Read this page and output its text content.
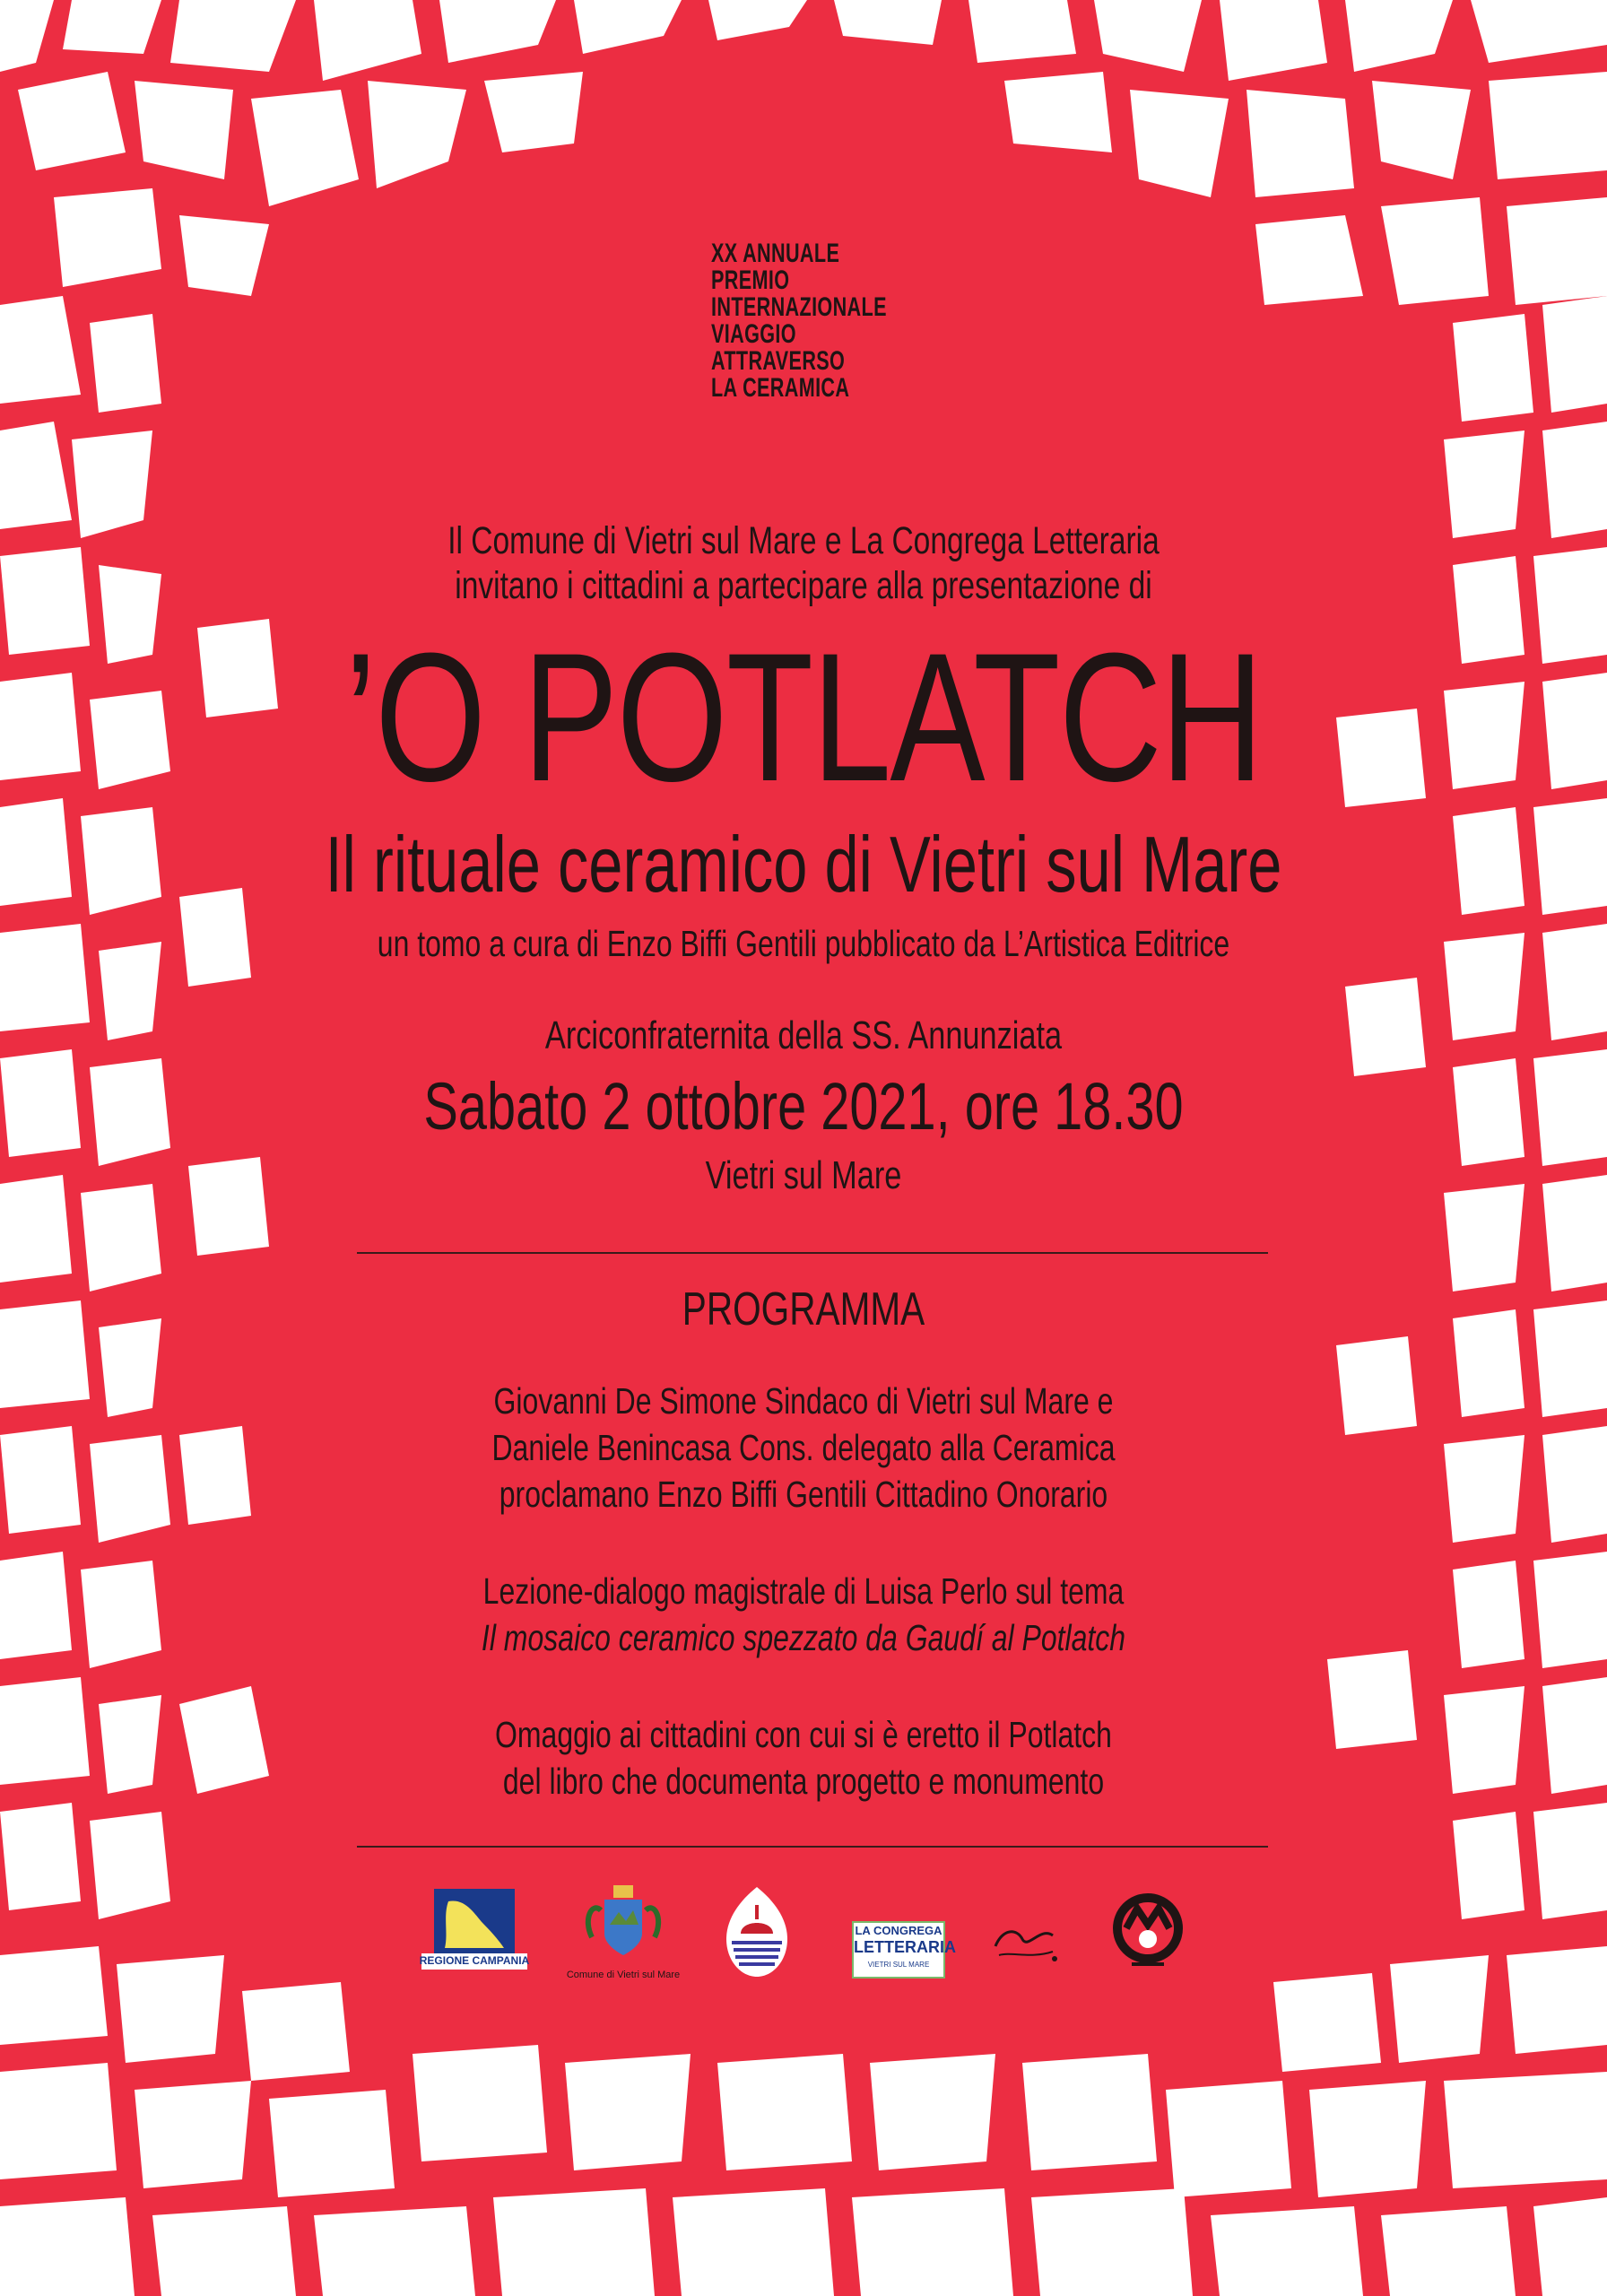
XX ANNUALE
PREMIO
INTERNAZIONALE
VIAGGIO
ATTRAVERSO
LA CERAMICA
Il Comune di Vietri sul Mare e La Congrega Letteraria
invitano i cittadini a partecipare alla presentazione di
’O POTLATCH
Il rituale ceramico di Vietri sul Mare
un tomo a cura di Enzo Biffi Gentili pubblicato da L’Artistica Editrice
Arciconfraternita della SS. Annunziata
Sabato 2 ottobre 2021, ore 18.30
Vietri sul Mare
PROGRAMMA
Giovanni De Simone Sindaco di Vietri sul Mare e
Daniele Benincasa Cons. delegato alla Ceramica
proclamano Enzo Biffi Gentili Cittadino Onorario
Lezione-dialogo magistrale di Luisa Perlo sul tema
Il mosaico ceramico spezzato da Gaudí al Potlatch
Omaggio ai cittadini con cui si è eretto il Potlatch
del libro che documenta progetto e monumento
REGIONE CAMPANIA
Comune di Vietri sul Mare
LA CONGREGA
LETTERARIA
VIETRI SUL MARE
